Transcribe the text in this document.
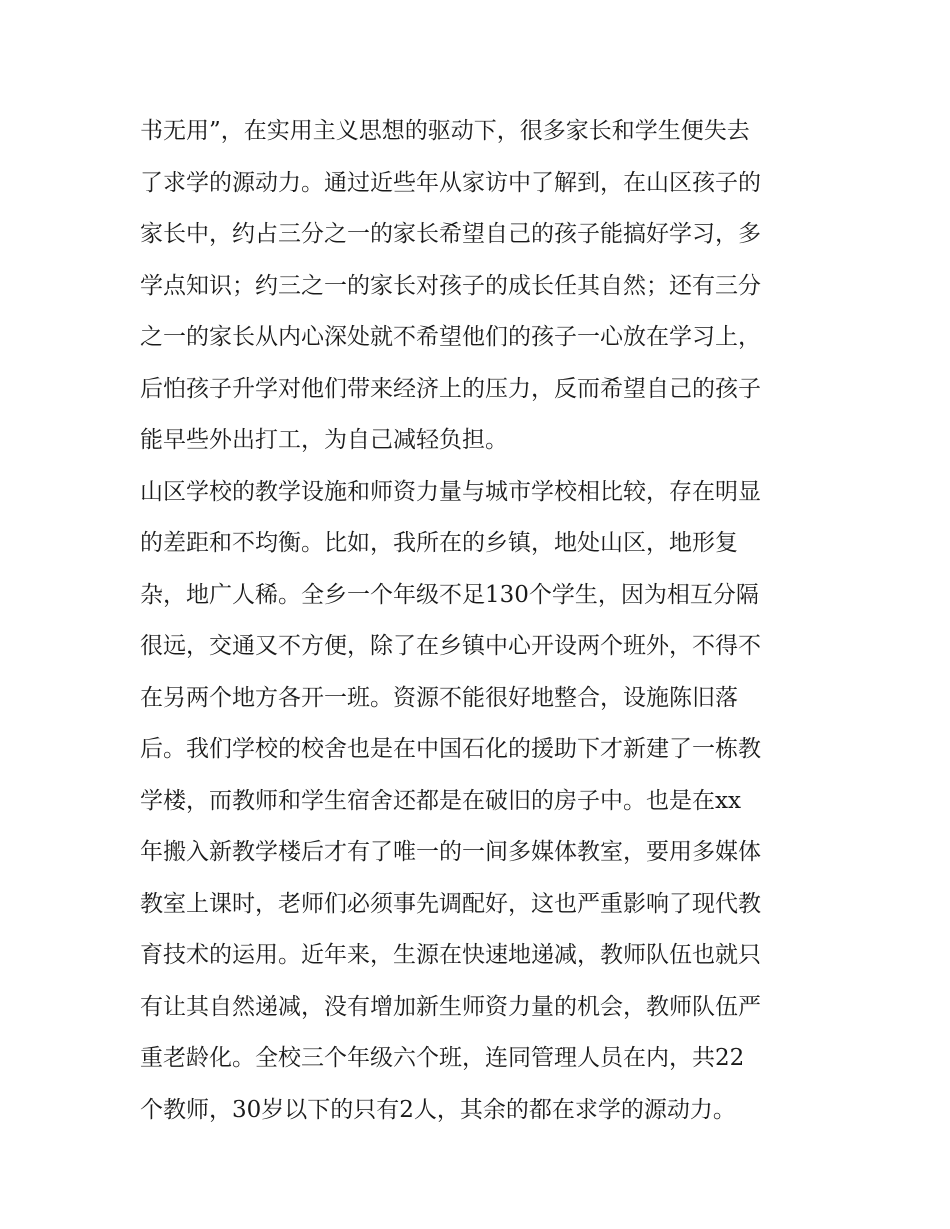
书无用”，在实用主义思想的驱动下，很多家长和学生便失去
了求学的源动力。通过近些年从家访中了解到，在山区孩子的
家长中，约占三分之一的家长希望自己的孩子能搞好学习，多
学点知识；约三之一的家长对孩子的成长任其自然；还有三分
之一的家长从内心深处就不希望他们的孩子一心放在学习上，
后怕孩子升学对他们带来经济上的压力，反而希望自己的孩子
能早些外出打工，为自己减轻负担。
山区学校的教学设施和师资力量与城市学校相比较，存在明显
的差距和不均衡。比如，我所在的乡镇，地处山区，地形复
杂，地广人稀。全乡一个年级不足130个学生，因为相互分隔
很远，交通又不方便，除了在乡镇中心开设两个班外，不得不
在另两个地方各开一班。资源不能很好地整合，设施陈旧落
后。我们学校的校舍也是在中国石化的援助下才新建了一栋教
学楼，而教师和学生宿舍还都是在破旧的房子中。也是在xx
年搬入新教学楼后才有了唯一的一间多媒体教室，要用多媒体
教室上课时，老师们必须事先调配好，这也严重影响了现代教
育技术的运用。近年来，生源在快速地递减，教师队伍也就只
有让其自然递减，没有增加新生师资力量的机会，教师队伍严
重老龄化。全校三个年级六个班，连同管理人员在内，共22
个教师，30岁以下的只有2人，其余的都在求学的源动力。
